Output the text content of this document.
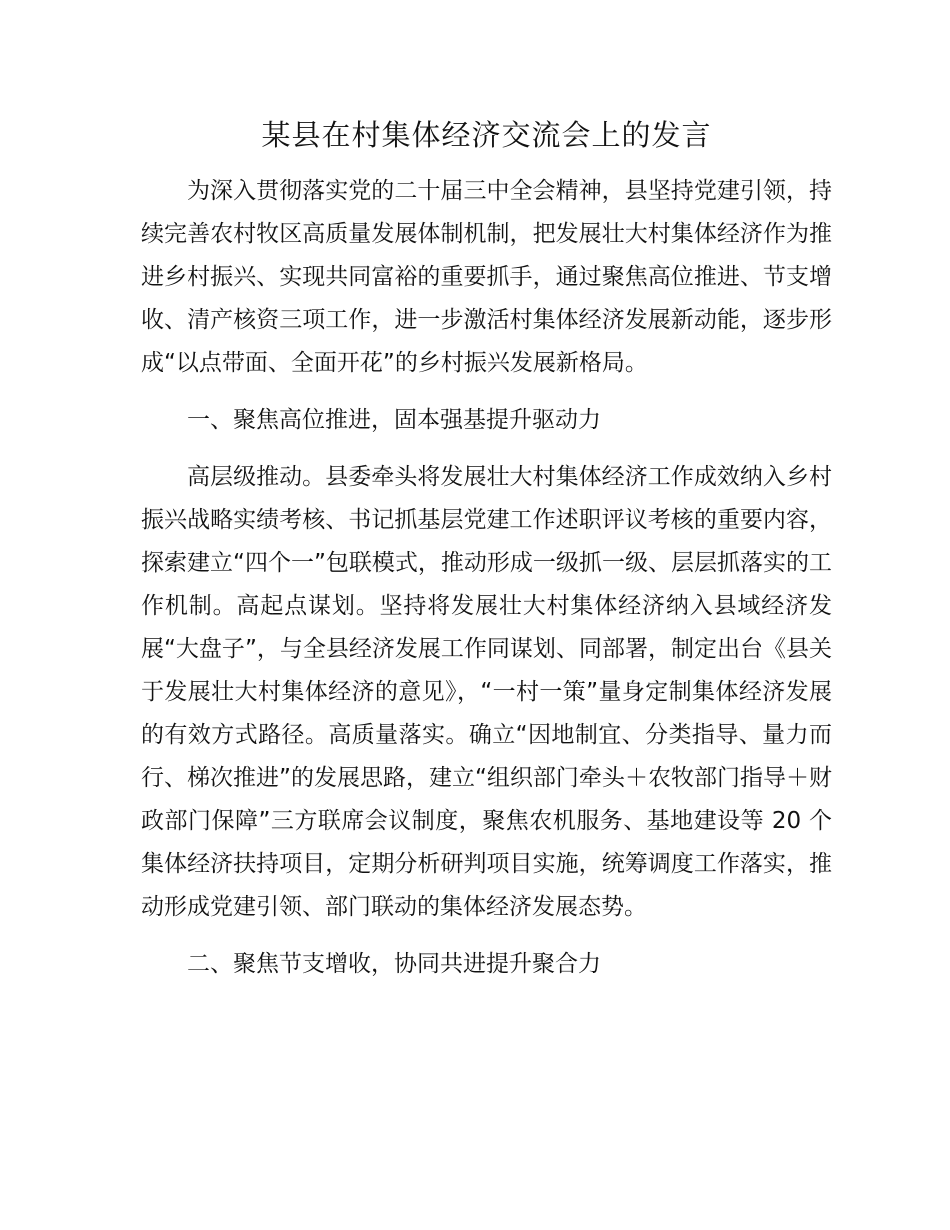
某县在村集体经济交流会上的发言

为深入贯彻落实党的二十届三中全会精神，县坚持党建引领，持续完善农村牧区高质量发展体制机制，把发展壮大村集体经济作为推进乡村振兴、实现共同富裕的重要抓手，通过聚焦高位推进、节支增收、清产核资三项工作，进一步激活村集体经济发展新动能，逐步形成“以点带面、全面开花”的乡村振兴发展新格局。

一、聚焦高位推进，固本强基提升驱动力

高层级推动。县委牵头将发展壮大村集体经济工作成效纳入乡村振兴战略实绩考核、书记抓基层党建工作述职评议考核的重要内容，探索建立“四个一”包联模式，推动形成一级抓一级、层层抓落实的工作机制。高起点谋划。坚持将发展壮大村集体经济纳入县域经济发展“大盘子”，与全县经济发展工作同谋划、同部署，制定出台《县关于发展壮大村集体经济的意见》，“一村一策”量身定制集体经济发展的有效方式路径。高质量落实。确立“因地制宜、分类指导、量力而行、梯次推进”的发展思路，建立“组织部门牵头＋农牧部门指导＋财政部门保障”三方联席会议制度，聚焦农机服务、基地建设等 20 个集体经济扶持项目，定期分析研判项目实施，统筹调度工作落实，推动形成党建引领、部门联动的集体经济发展态势。

二、聚焦节支增收，协同共进提升聚合力
